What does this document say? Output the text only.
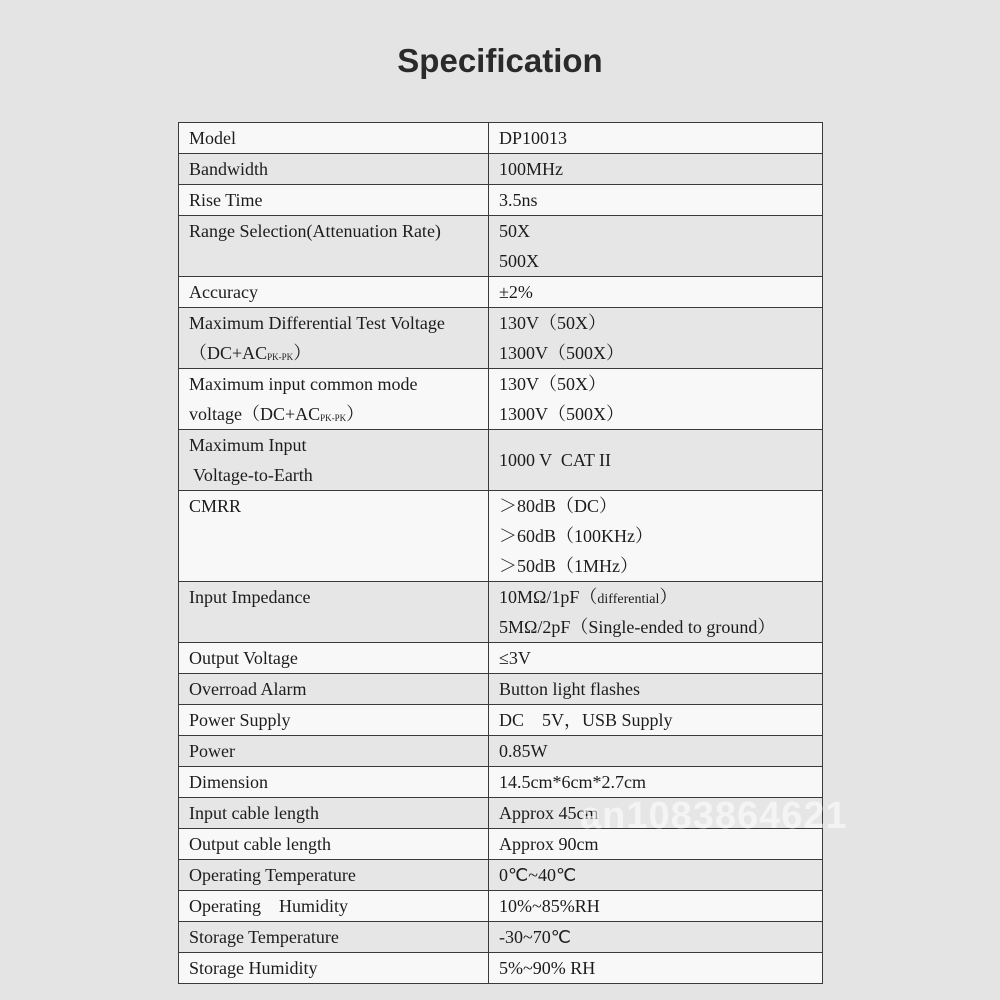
Specification
Model	DP10013
Bandwidth	100MHz
Rise Time	3.5ns
Range Selection(Attenuation Rate)	50X
500X

Accuracy	±2%

Maximum Differential Test Voltage
$(DC+AC_{PK-PK})$	130V（50X）
1300V（500X）

Maximum input common mode
$voltage(DC+AC_{PK-PK})$	130V（50X）
1300V（500X）

Maximum Input
Voltage-to-Earth	1000 V  CAT II
CMRR	＞80dB（DC）
＞60dB（100KHz）
＞50dB（1MHz）

Input Impedance	10MΩ/1pF（differential）
5MΩ/2pF（Single-ended to ground）

Output Voltage	≤3V
Overroad Alarm	Button light flashes
Power Supply	DC    5V，USB Supply
Power	0.85W
Dimension	14.5cm*6cm*2.7cm
Input cable length	Approx 45cm
Output cable length	Approx 90cm
Operating Temperature	0℃~40℃
Operating    Humidity	10%~85%RH
Storage Temperature	-30~70℃
Storage Humidity	5%~90% RH
an1083864621
